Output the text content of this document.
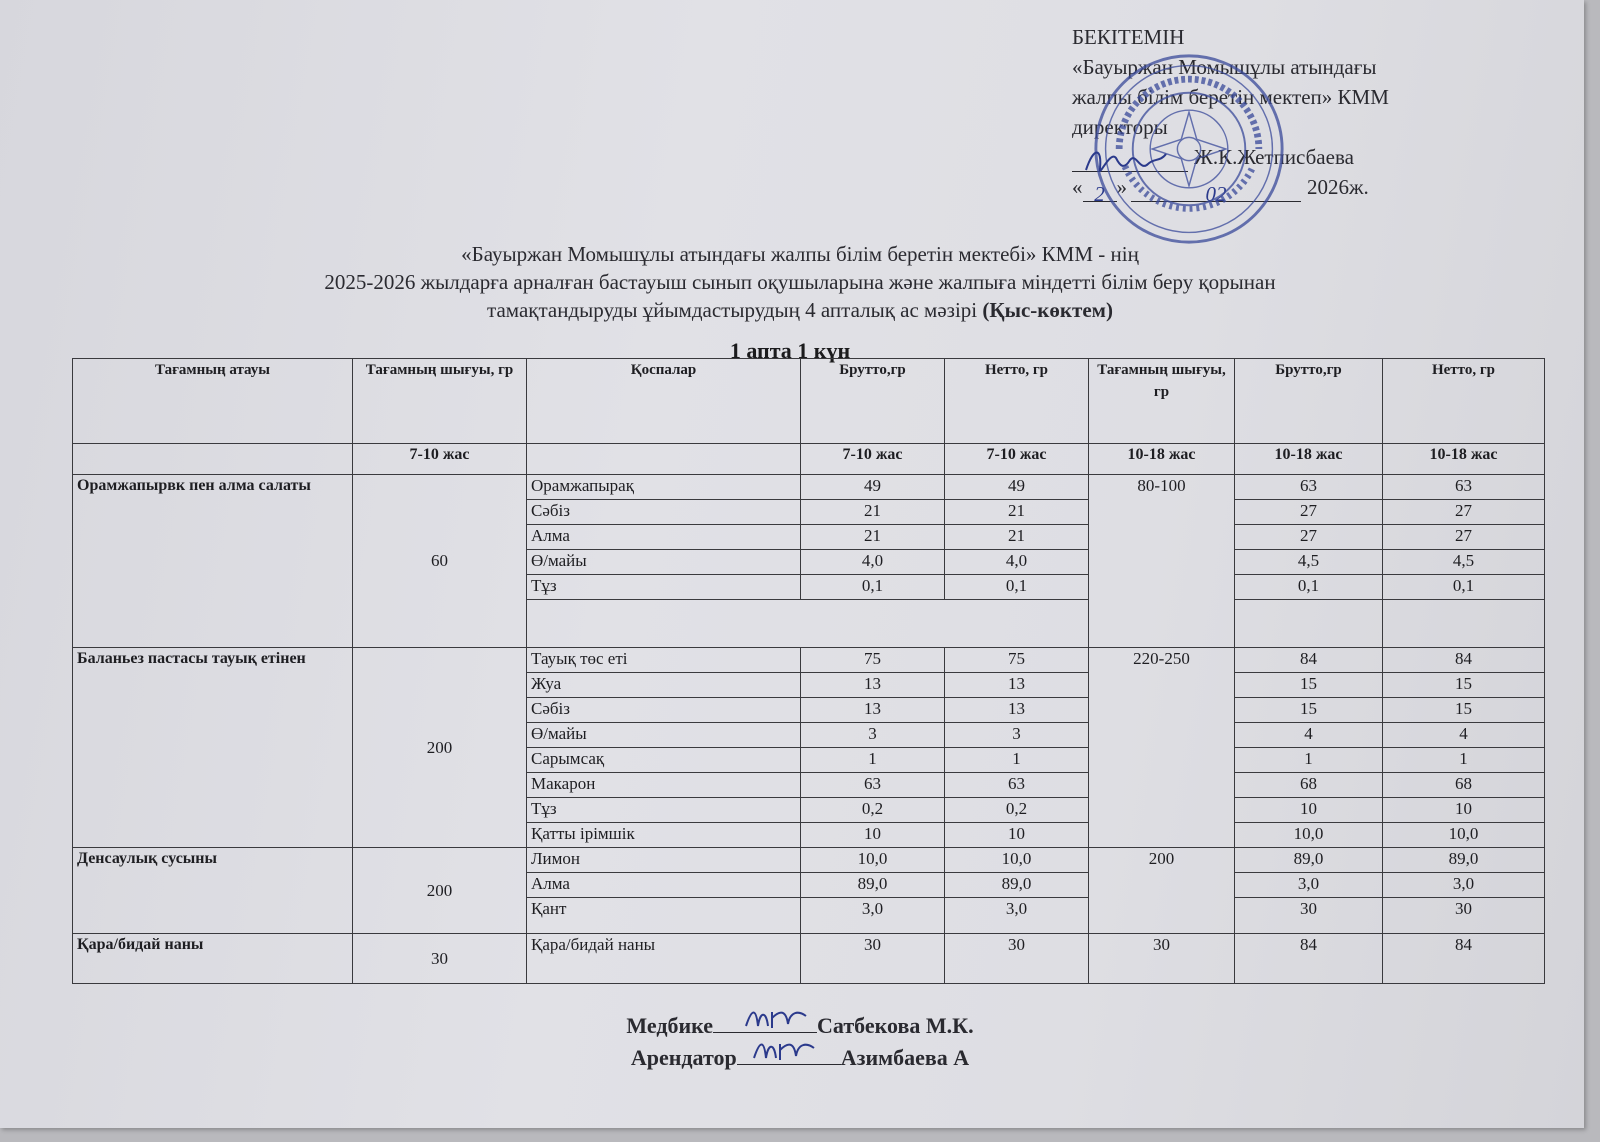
БЕКІТЕМІН
«Бауыржан Момышұлы атындағы
жалпы білім беретін мектеп» КММ
директоры
Ж.К.Жетписбаева
« 2 »	02	2026ж.
«Бауыржан Момышұлы атындағы жалпы білім беретін мектебі» КММ - нің
2025-2026 жылдарға арналған бастауыш сынып оқушыларына және жалпыға міндетті білім беру қорынан
тамақтандыруды ұйымдастырудың 4 апталық ас мәзірі (Қыс-көктем)
1 апта 1 күн
Тағамның атауы	Тағамның шығуы, гр	Қоспалар	Брутто,гр	Нетто, гр	Тағамның шығуы, гр	Брутто,гр	Нетто, гр
	7-10 жас		7-10 жас	7-10 жас	10-18 жас	10-18 жас	10-18 жас
Орамжапырвк пен алма салаты	60	Орамжапырақ	49	49	80-100	63	63
		Сәбіз	21	21		27	27
		Алма	21	21		27	27
		Ө/майы	4,0	4,0		4,5	4,5
		Тұз	0,1	0,1		0,1	0,1

Баланьез пастасы тауық етінен	200	Тауық төс еті	75	75	220-250	84	84
		Жуа	13	13		15	15
		Сәбіз	13	13		15	15
		Ө/майы	3	3		4	4
		Сарымсақ	1	1		1	1
		Макарон	63	63		68	68
		Тұз	0,2	0,2		10	10
		Қатты ірімшік	10	10		10,0	10,0
Денсаулық сусыны	200	Лимон	10,0	10,0	200	89,0	89,0
		Алма	89,0	89,0		3,0	3,0
		Қант	3,0	3,0		30	30
Қара/бидай наны	30	Қара/бидай наны	30	30	30	84	84
Медбике	Сатбекова М.К.
Арендатор	Азимбаева А
